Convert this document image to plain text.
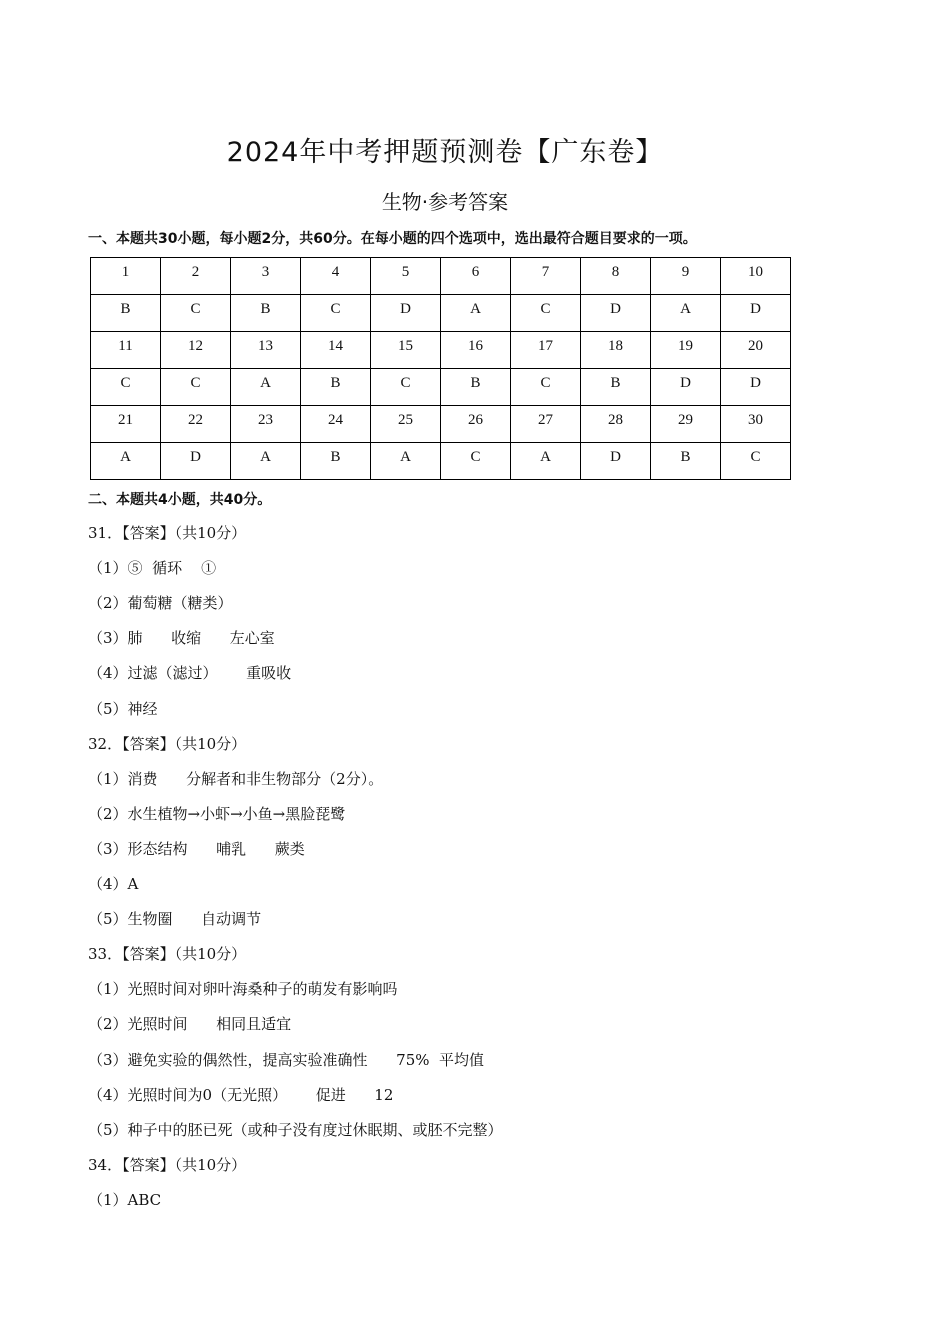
2024年中考押题预测卷【广东卷】
生物·参考答案
一、本题共30小题，每小题2分，共60分。在每小题的四个选项中，选出最符合题目要求的一项。
1	2	3	4	5	6	7	8	9	10
B	C	B	C	D	A	C	D	A	D
11	12	13	14	15	16	17	18	19	20
C	C	A	B	C	B	C	B	D	D
21	22	23	24	25	26	27	28	29	30
A	D	A	B	A	C	A	D	B	C
二、本题共4小题，共40分。
31．【答案】（共10分）
（1）⑤  循环    ①
（2）葡萄糖（糖类）
（3）肺      收缩      左心室
（4）过滤（滤过）      重吸收
（5）神经
32．【答案】（共10分）
（1）消费      分解者和非生物部分（2分）。
（2）水生植物→小虾→小鱼→黑脸琵鹭
（3）形态结构      哺乳      蕨类
（4）A
（5）生物圈      自动调节
33．【答案】（共10分）
（1）光照时间对卵叶海桑种子的萌发有影响吗
（2）光照时间      相同且适宜
（3）避免实验的偶然性，提高实验准确性      75%  平均值
（4）光照时间为0（无光照）      促进      12
（5）种子中的胚已死（或种子没有度过休眠期、或胚不完整）
34．【答案】（共10分）
（1）ABC
